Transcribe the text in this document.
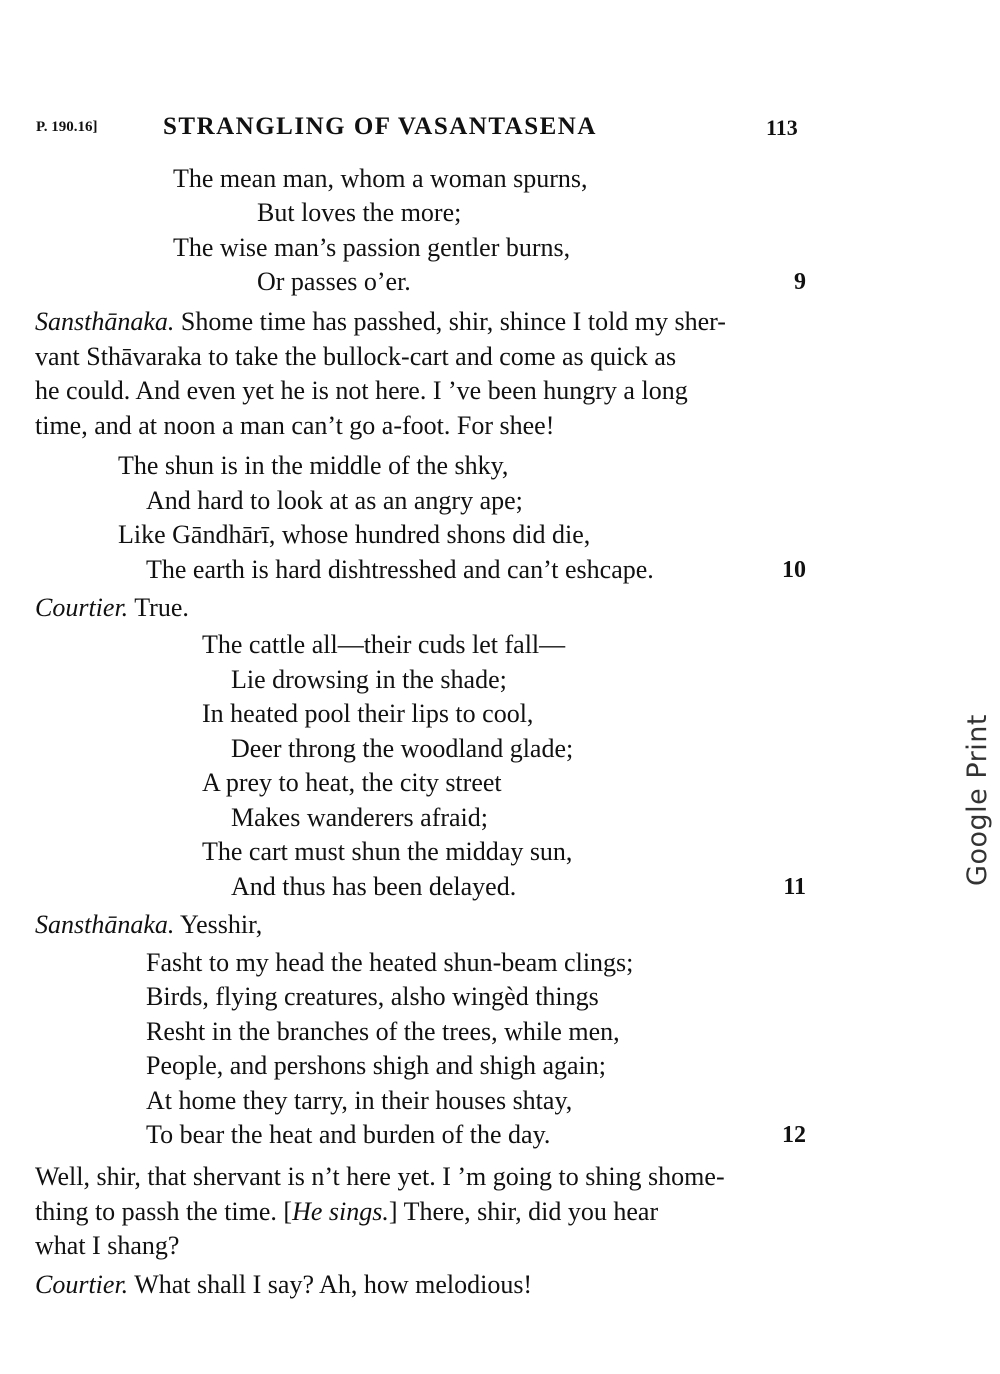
P. 190.16]	STRANGLING OF VASANTASENA	113
The mean man, whom a woman spurns,
But loves the more;
The wise man’s passion gentler burns,
Or passes o’er.	9
Sansthānaka. Shome time has passhed, shir, shince I told my sher-
vant Sthāvaraka to take the bullock-cart and come as quick as
he could. And even yet he is not here. I ’ve been hungry a long
time, and at noon a man can’t go a-foot. For shee!
The shun is in the middle of the shky,
And hard to look at as an angry ape;
Like Gāndhārī, whose hundred shons did die,
The earth is hard dishtresshed and can’t eshcape.	10
Courtier. True.
The cattle all—their cuds let fall—
Lie drowsing in the shade;
In heated pool their lips to cool,
Deer throng the woodland glade;
A prey to heat, the city street
Makes wanderers afraid;
The cart must shun the midday sun,
And thus has been delayed.	11
Sansthānaka. Yesshir,
Fasht to my head the heated shun-beam clings;
Birds, flying creatures, alsho wingèd things
Resht in the branches of the trees, while men,
People, and pershons shigh and shigh again;
At home they tarry, in their houses shtay,
To bear the heat and burden of the day.	12
Well, shir, that shervant is n’t here yet. I ’m going to shing shome-
thing to passh the time. [He sings.] There, shir, did you hear
what I shang?
Courtier. What shall I say? Ah, how melodious!
Google Print
